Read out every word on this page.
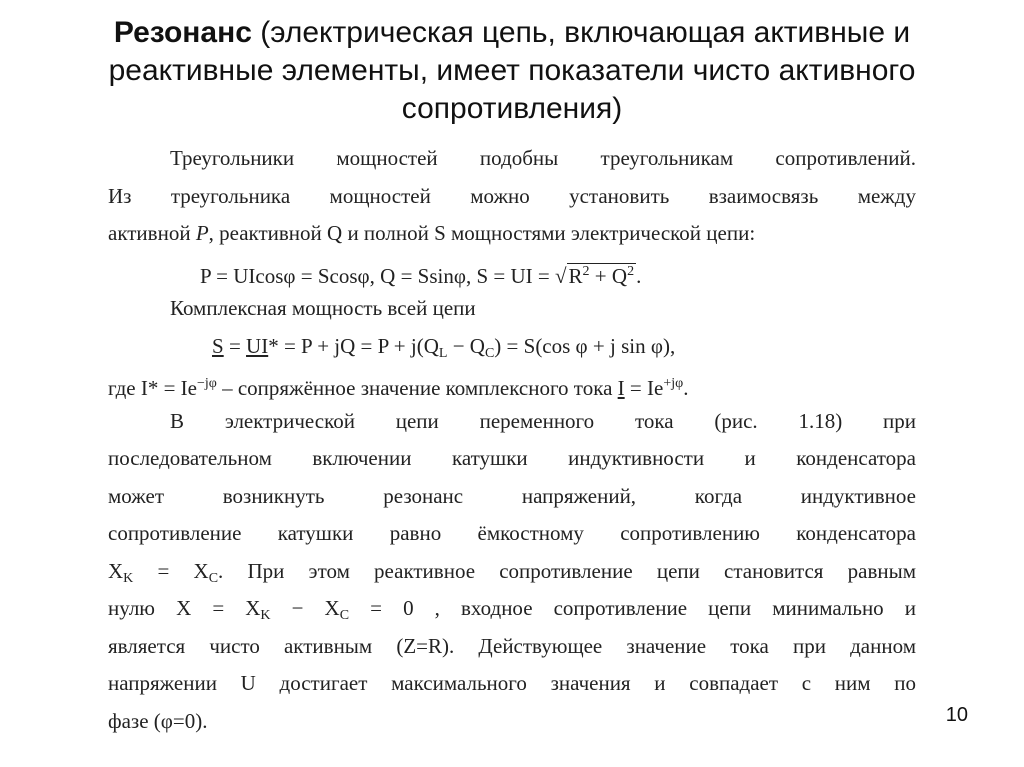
Резонанс (электрическая цепь, включающая активные и реактивные элементы, имеет показатели чисто активного сопротивления)
Треугольники мощностей подобны треугольникам сопротивлений.
Из треугольника мощностей можно установить взаимосвязь между
активной P, реактивной Q и полной S мощностями электрической цепи:
P = UIcosφ = Scosφ, Q = Ssinφ, S = UI = $√R^2 + Q^2$.
Комплексная мощность всей цепи
S = UI* = P + jQ = $P + j(Q_L - Q_C) = S(\cos$ φ + j sin φ),
где $I* = Ie^{-j\varphi}$ – сопряжённое значение комплексного тока $I = Ie^{+j\varphi}$.
В электрической цепи переменного тока (рис. 1.18) при
последовательном включении катушки индуктивности и конденсатора
может возникнуть резонанс напряжений, когда индуктивное
сопротивление катушки равно ёмкостному сопротивлению конденсатора
$X_K = X_C$. При этом реактивное сопротивление цепи становится равным
нулю $X = X_K - X_C = 0$ , входное сопротивление цепи минимально и
является чисто активным (Z=R). Действующее значение тока при данном
напряжении U достигает максимального значения и совпадает с ним по
фазе (φ=0).	10
